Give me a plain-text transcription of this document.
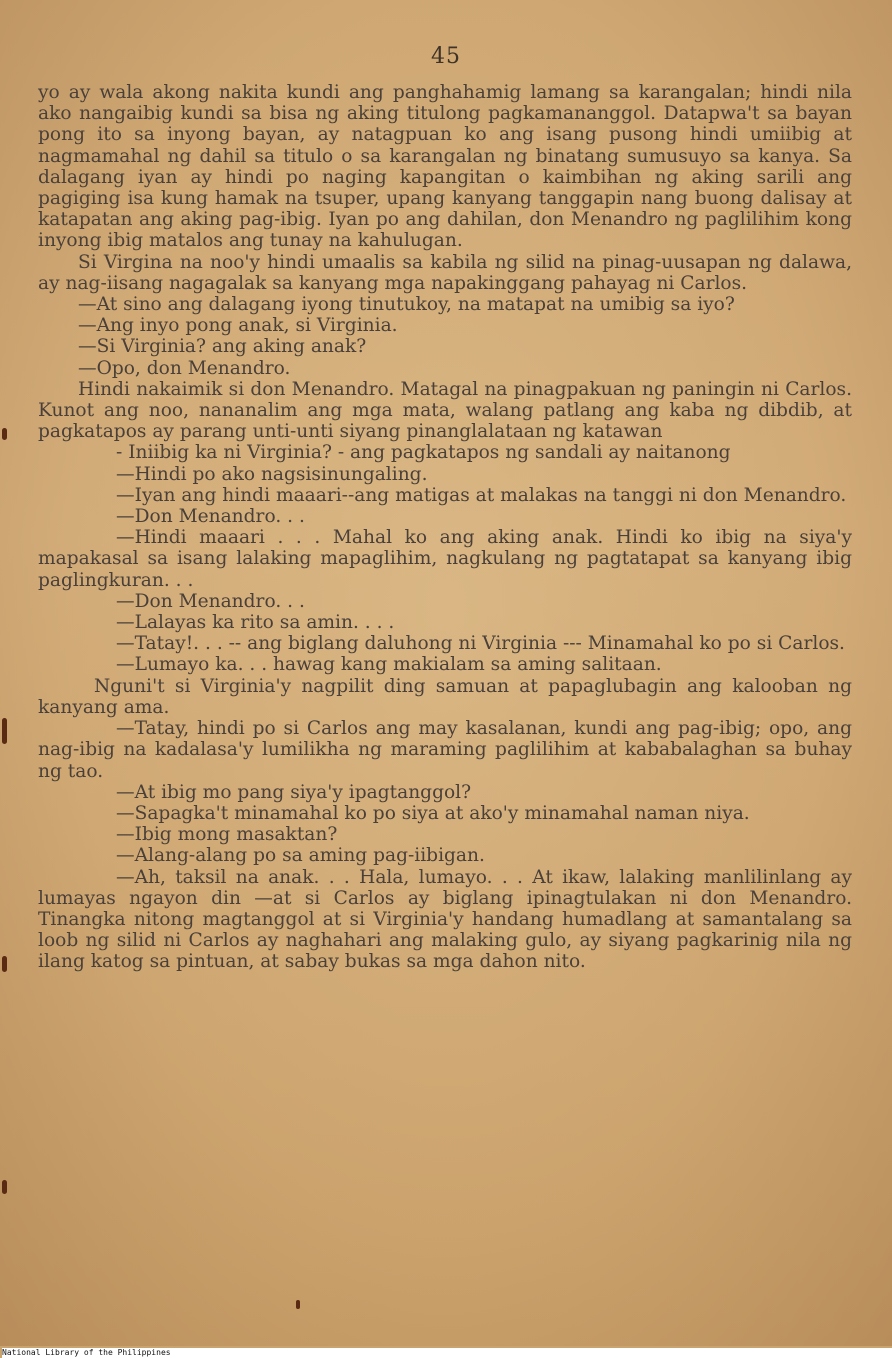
45

yo ay wala akong nakita kundi ang panghahamig lamang sa karangalan; hindi nila ako nangaibig kundi sa bisa ng aking titulong pagkamananggol. Datapwa't sa bayan pong ito sa inyong bayan, ay natagpuan ko ang isang pusong hindi umiibig at nagmamahal ng dahil sa titulo o sa karangalan ng binatang sumusuyo sa kanya. Sa dalagang iyan ay hindi po naging kapangitan o kaimbihan ng aking sarili ang pagiging isa kung hamak na tsuper, upang kanyang tanggapin nang buong dalisay at katapatan ang aking pag-ibig. Iyan po ang dahilan, don Menandro ng paglilihim kong inyong ibig matalos ang tunay na kahulugan.

Si Virgina na noo'y hindi umaalis sa kabila ng silid na pinag-uusapan ng dalawa, ay nag-iisang nagagalak sa kanyang mga napakinggang pahayag ni Carlos.

—At sino ang dalagang iyong tinutukoy, na matapat na umibig sa iyo?

—Ang inyo pong anak, si Virginia.

—Si Virginia? ang aking anak?

—Opo, don Menandro.

Hindi nakaimik si don Menandro. Matagal na pinagpakuan ng paningin ni Carlos. Kunot ang noo, nananalim ang mga mata, walang patlang ang kaba ng dibdib, at pagkatapos ay parang unti-unti siyang pinanglalataan ng katawan

- Iniibig ka ni Virginia? - ang pagkatapos ng sandali ay naitanong

—Hindi po ako nagsisinungaling.

—Iyan ang hindi maaari--ang matigas at malakas na tanggi ni don Menandro.

—Don Menandro. . .

—Hindi maaari . . . Mahal ko ang aking anak. Hindi ko ibig na siya'y mapakasal sa isang lalaking mapaglihim, nagkulang ng pagtatapat sa kanyang ibig paglingkuran. . .

—Don Menandro. . .

—Lalayas ka rito sa amin. . . .

—Tatay!. . . -- ang biglang daluhong ni Virginia --- Minamahal ko po si Carlos.

—Lumayo ka. . . hawag kang makialam sa aming salitaan.

Nguni't si Virginia'y nagpilit ding samuan at papaglubagin ang kalooban ng kanyang ama.

—Tatay, hindi po si Carlos ang may kasalanan, kundi ang pag-ibig; opo, ang nag-ibig na kadalasa'y lumilikha ng maraming paglilihim at kababalaghan sa buhay ng tao.

—At ibig mo pang siya'y ipagtanggol?

—Sapagka't minamahal ko po siya at ako'y minamahal naman niya.

—Ibig mong masaktan?

—Alang-alang po sa aming pag-iibigan.

—Ah, taksil na anak. . . Hala, lumayo. . . At ikaw, lalaking manlilinlang ay lumayas ngayon din —at si Carlos ay biglang ipinagtulakan ni don Menandro. Tinangka nitong magtanggol at si Virginia'y handang humadlang at samantalang sa loob ng silid ni Carlos ay naghahari ang malaking gulo, ay siyang pagkarinig nila ng ilang katog sa pintuan, at sabay bukas sa mga dahon nito.

National Library of the Philippines
